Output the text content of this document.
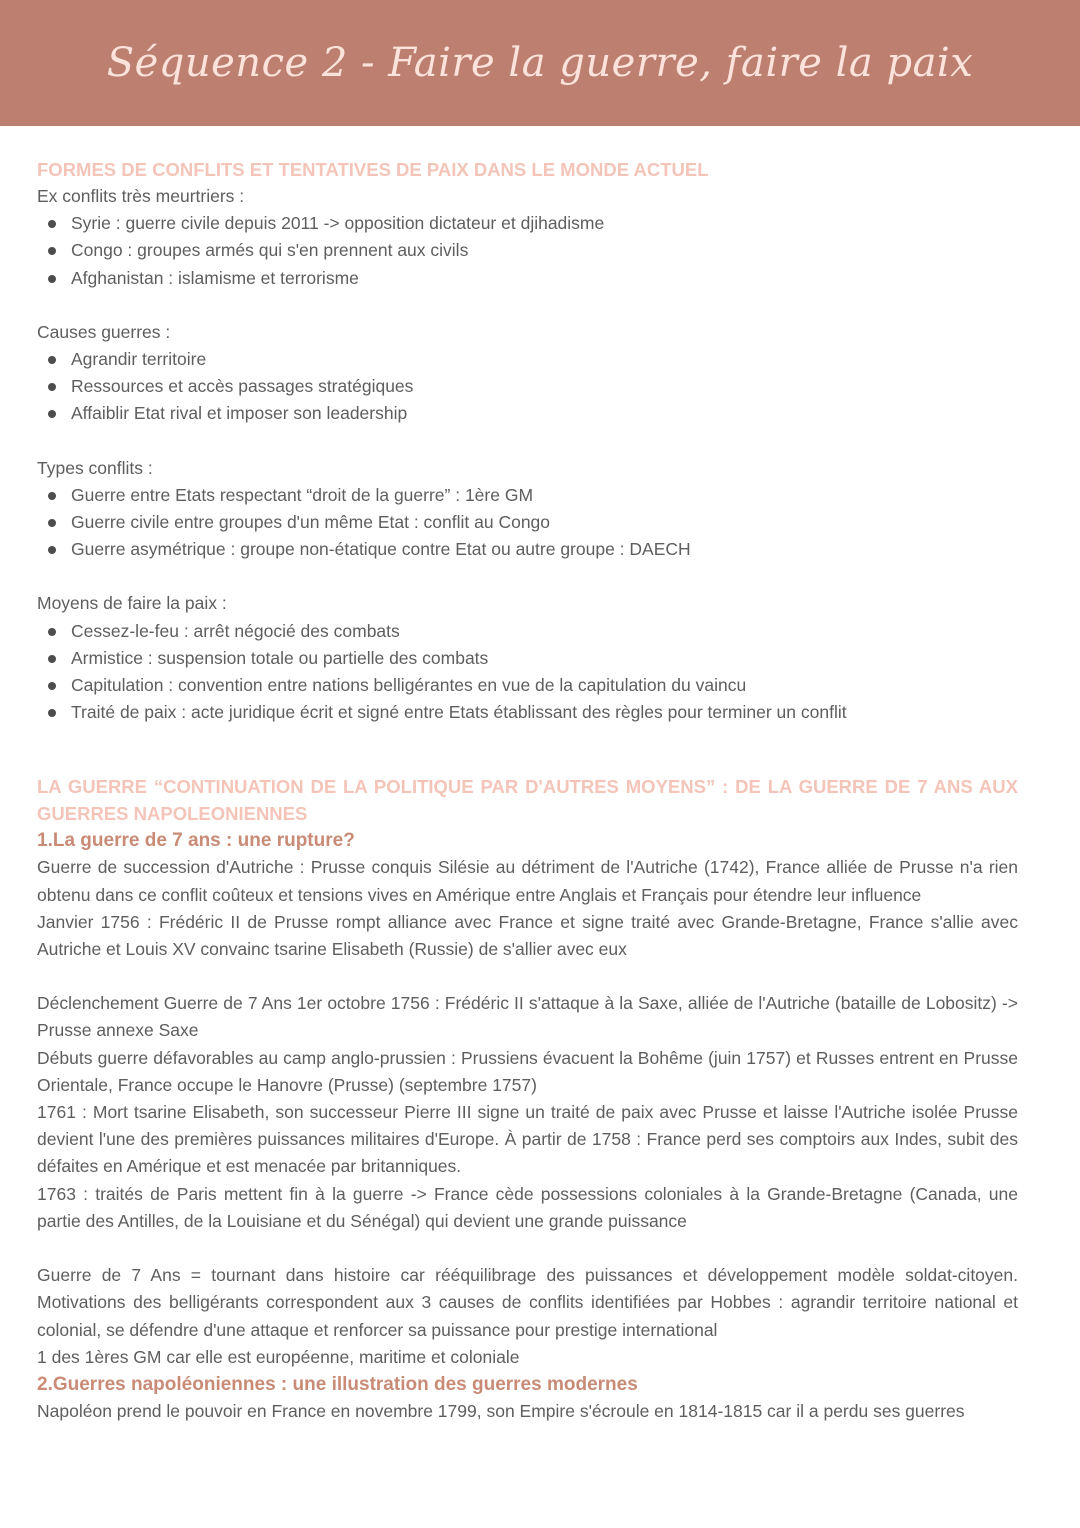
Séquence 2 - Faire la guerre, faire la paix
FORMES DE CONFLITS ET TENTATIVES DE PAIX DANS LE MONDE ACTUEL
Ex conflits très meurtriers :
Syrie : guerre civile depuis 2011 -> opposition dictateur et djihadisme
Congo : groupes armés qui s'en prennent aux civils
Afghanistan : islamisme et terrorisme
Causes guerres :
Agrandir territoire
Ressources et accès passages stratégiques
Affaiblir Etat rival et imposer son leadership
Types conflits :
Guerre entre Etats respectant “droit de la guerre” : 1ère GM
Guerre civile entre groupes d'un même Etat : conflit au Congo
Guerre asymétrique : groupe non-étatique contre Etat ou autre groupe : DAECH
Moyens de faire la paix :
Cessez-le-feu : arrêt négocié des combats
Armistice : suspension totale ou partielle des combats
Capitulation : convention entre nations belligérantes en vue de la capitulation du vaincu
Traité de paix : acte juridique écrit et signé entre Etats établissant des règles pour terminer un conflit
LA GUERRE “CONTINUATION DE LA POLITIQUE PAR D'AUTRES MOYENS” : DE LA GUERRE DE 7 ANS AUX GUERRES NAPOLEONIENNES
1.La guerre de 7 ans : une rupture?

Guerre de succession d'Autriche : Prusse conquis Silésie au détriment de l'Autriche (1742), France alliée de Prusse n'a rien obtenu dans ce conflit coûteux et tensions vives en Amérique entre Anglais et Français pour étendre leur influence

Janvier 1756 : Frédéric II de Prusse rompt alliance avec France et signe traité avec Grande-Bretagne, France s'allie avec Autriche et Louis XV convainc tsarine Elisabeth (Russie) de s'allier avec eux

Déclenchement Guerre de 7 Ans 1er octobre 1756 : Frédéric II s'attaque à la Saxe, alliée de l'Autriche (bataille de Lobositz) -> Prusse annexe Saxe

Débuts guerre défavorables au camp anglo-prussien : Prussiens évacuent la Bohême (juin 1757) et Russes entrent en Prusse Orientale, France occupe le Hanovre (Prusse) (septembre 1757)

1761 : Mort tsarine Elisabeth, son successeur Pierre III signe un traité de paix avec Prusse et laisse l'Autriche isolée Prusse devient l'une des premières puissances militaires d'Europe. À partir de 1758 : France perd ses comptoirs aux Indes, subit des défaites en Amérique et est menacée par britanniques.

1763 : traités de Paris mettent fin à la guerre -> France cède possessions coloniales à la Grande-Bretagne (Canada, une partie des Antilles, de la Louisiane et du Sénégal) qui devient une grande puissance

Guerre de 7 Ans = tournant dans histoire car rééquilibrage des puissances et développement modèle soldat-citoyen. Motivations des belligérants correspondent aux 3 causes de conflits identifiées par Hobbes : agrandir territoire national et colonial, se défendre d'une attaque et renforcer sa puissance pour prestige international

1 des 1ères GM car elle est européenne, maritime et coloniale

2.Guerres napoléoniennes : une illustration des guerres modernes

Napoléon prend le pouvoir en France en novembre 1799, son Empire s'écroule en 1814-1815 car il a perdu ses guerres
